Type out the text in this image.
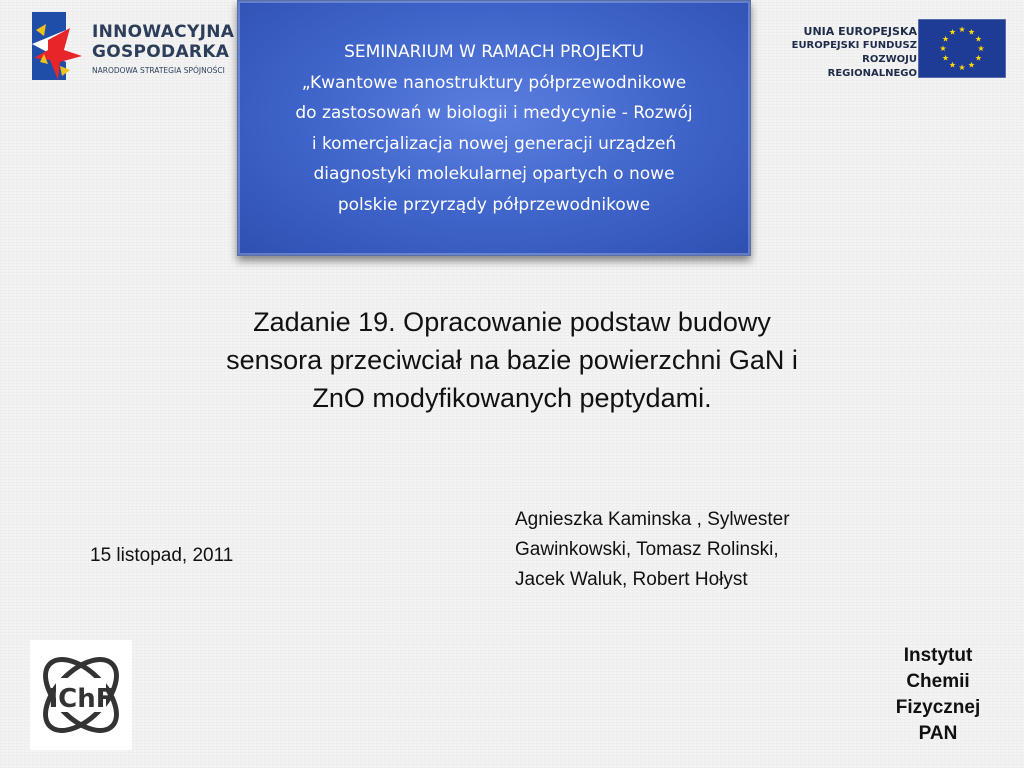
INNOWACYJNA
GOSPODARKA
NARODOWA STRATEGIA SPÓJNOŚCI
SEMINARIUM W RAMACH PROJEKTU
„Kwantowe nanostruktury półprzewodnikowe
do zastosowań w biologii i medycynie - Rozwój
i komercjalizacja nowej generacji urządzeń
diagnostyki molekularnej opartych o nowe
polskie przyrządy półprzewodnikowe
UNIA EUROPEJSKA
EUROPEJSKI FUNDUSZ
ROZWOJU REGIONALNEGO
Zadanie 19. Opracowanie podstaw budowy
sensora przeciwciał na bazie powierzchni GaN i
ZnO modyfikowanych peptydami.
15 listopad, 2011
Agnieszka Kaminska , Sylwester
Gawinkowski, Tomasz Rolinski,
Jacek Waluk, Robert Hołyst
IChF
Instytut
Chemii
Fizycznej
PAN
